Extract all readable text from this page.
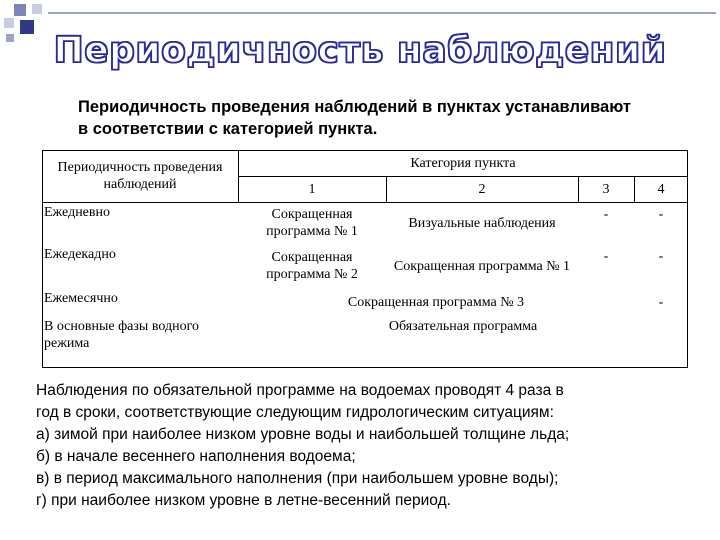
Периодичность наблюдений
Периодичность проведения наблюдений в пунктах устанавливают в соответствии с категорией пункта.
Периодичность проведения наблюдений	Категория пункта			
	1	2	3	4
Ежедневно	Сокращенная программа № 1	Визуальные наблюдения	-	-
Ежедекадно	Сокращенная программа № 2	Сокращенная программа № 1	-	-
Ежемесячно	Сокращенная программа № 3			-
В основные фазы водного режима	Обязательная программа			
Наблюдения по обязательной программе на водоемах проводят 4 раза в
год в сроки, соответствующие следующим гидрологическим ситуациям:
а) зимой при наиболее низком уровне воды и наибольшей толщине льда;
б) в начале весеннего наполнения водоема;
в) в период максимального наполнения (при наибольшем уровне воды);
г) при наиболее низком уровне в летне-весенний период.
